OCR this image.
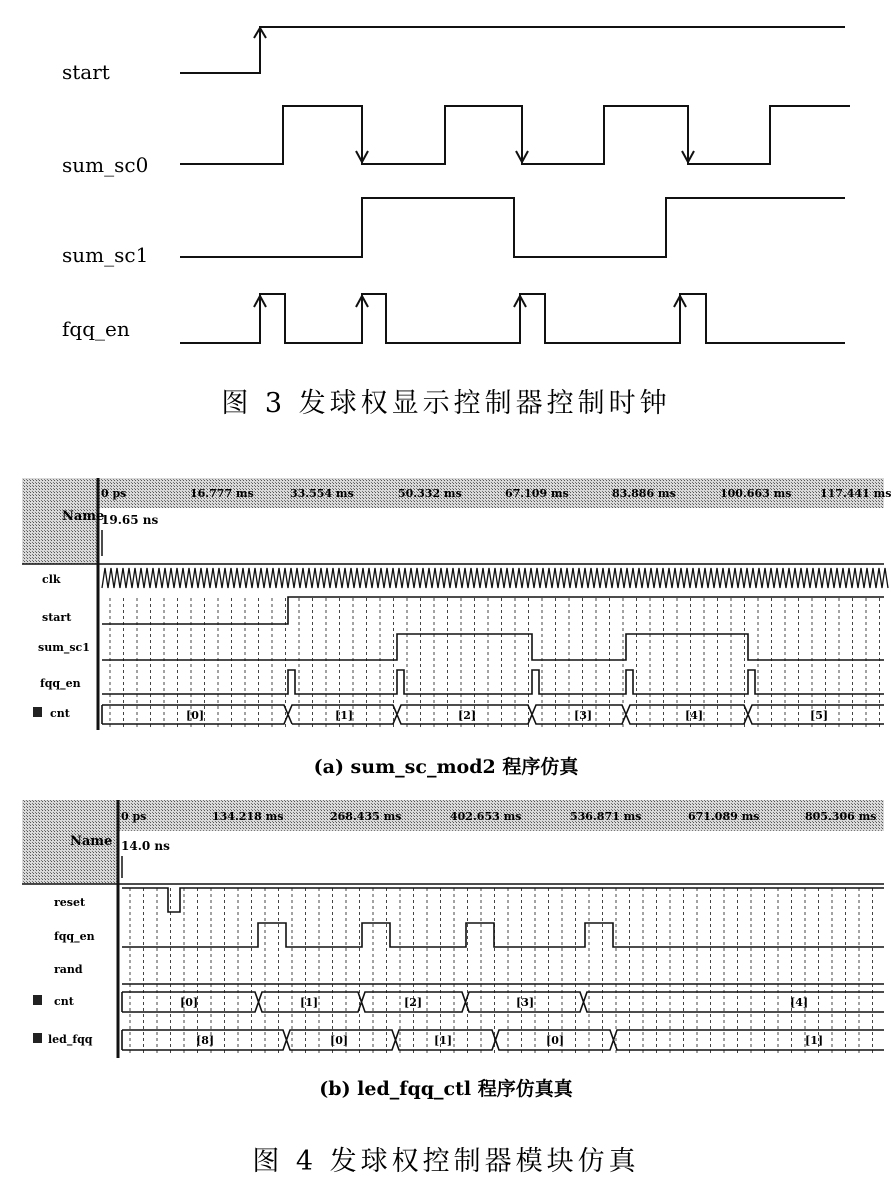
start
sum_sc0
sum_sc1
fqq_en
图 3 发球权显示控制器控制时钟
Name
19.65 ns
0 ps	16.777 ms	33.554 ms	50.332 ms	67.109 ms	83.886 ms	100.663 ms	117.441 ms
clk
start
sum_sc1
fqq_en
cnt	[0]	[1]	[2]	[3]	[4]	[5]
(a) sum_sc_mod2 程序仿真
Name 14.0 ns
0 ps	134.218 ms	268.435 ms	402.653 ms	536.871 ms	671.089 ms	805.306 ms
reset
fqq_en
rand
cnt
led_fqq
[0]	[1]	[2]	[3]	[4]
[8]	[0]	[1]	[0]	[1]
(b) led_fqq_ctl 程序仿真真
图 4 发球权控制器模块仿真
